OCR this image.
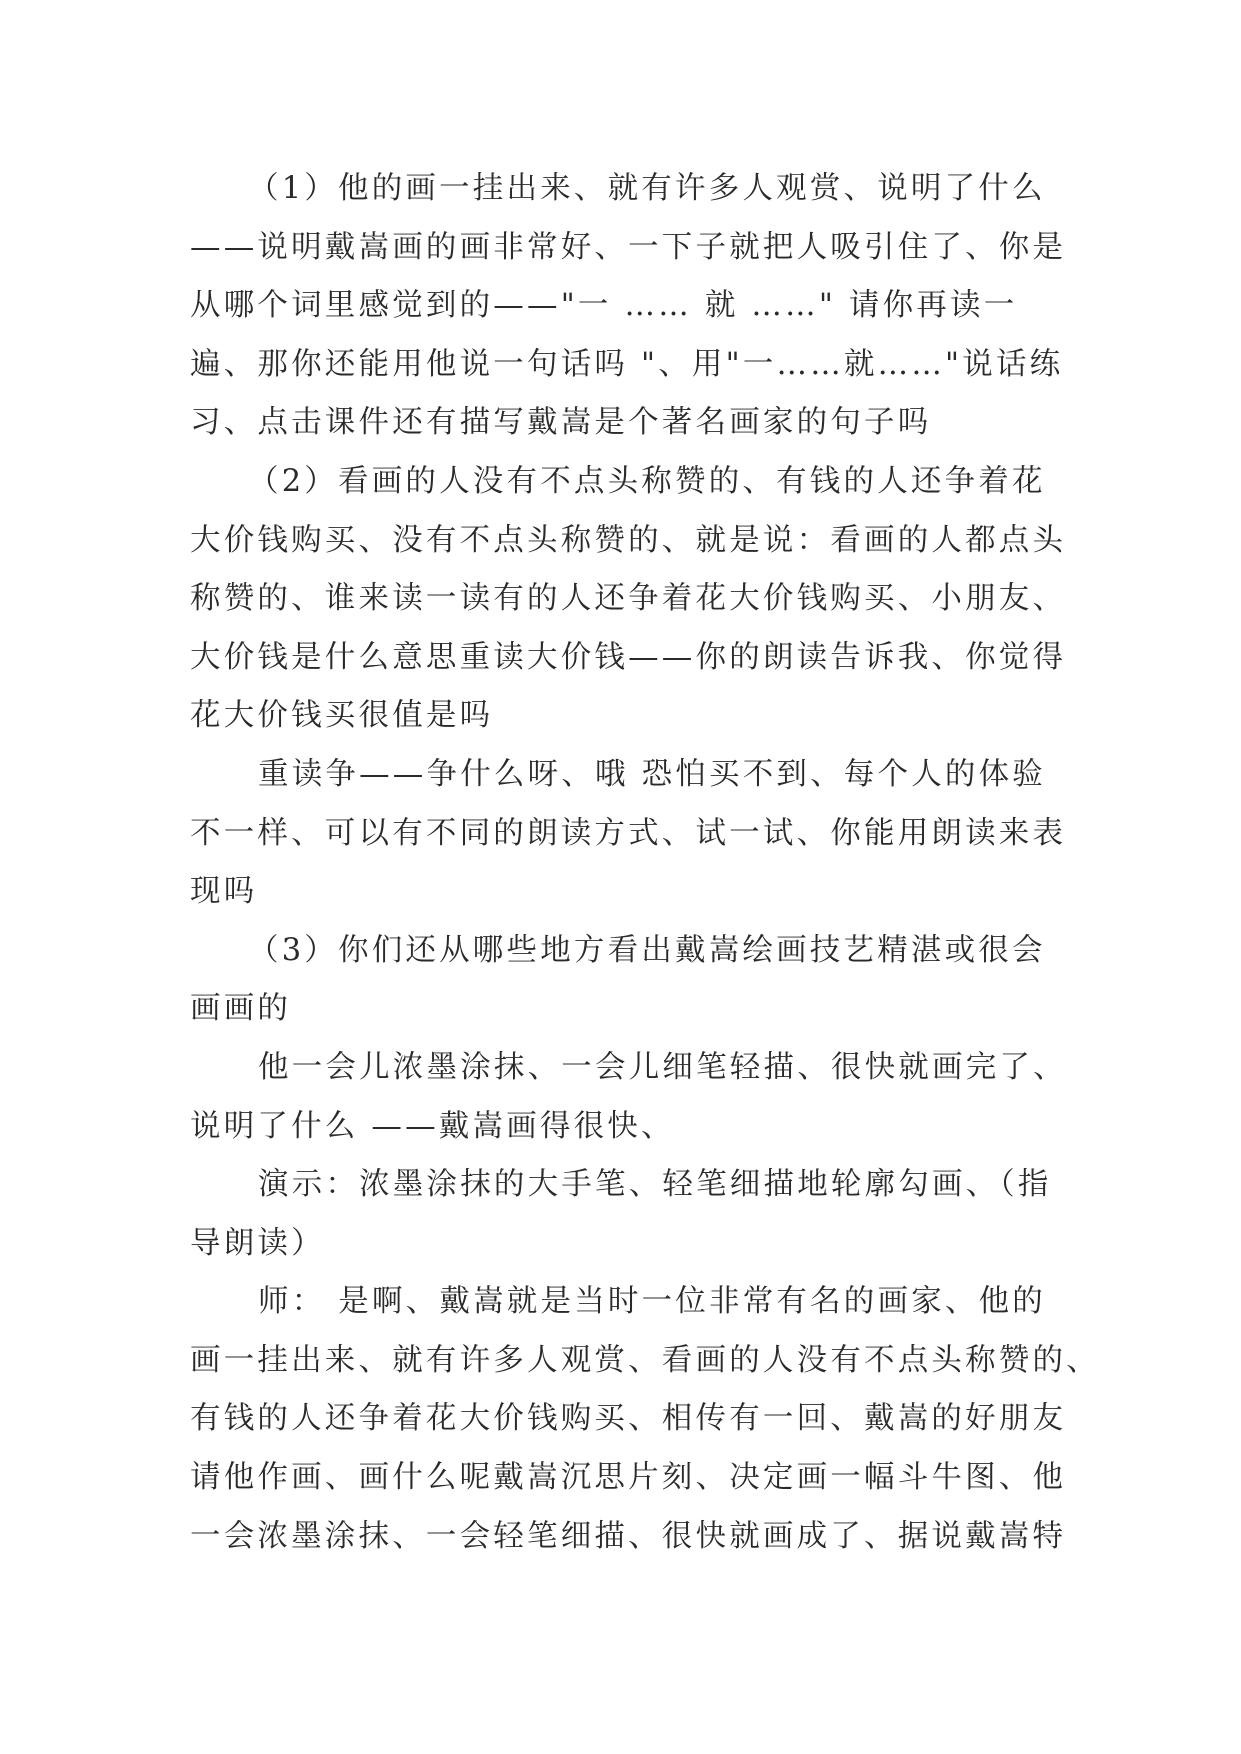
（1）他的画一挂出来、就有许多人观赏、说明了什么
——说明戴嵩画的画非常好、一下子就把人吸引住了、你是
从哪个词里感觉到的——"一 …… 就 ……" 请你再读一
遍、那你还能用他说一句话吗 "、用"一……就……"说话练
习、点击课件还有描写戴嵩是个著名画家的句子吗
（2）看画的人没有不点头称赞的、有钱的人还争着花
大价钱购买、没有不点头称赞的、就是说：看画的人都点头
称赞的、谁来读一读有的人还争着花大价钱购买、小朋友、
大价钱是什么意思重读大价钱——你的朗读告诉我、你觉得
花大价钱买很值是吗
重读争——争什么呀、哦 恐怕买不到、每个人的体验
不一样、可以有不同的朗读方式、试一试、你能用朗读来表
现吗
（3）你们还从哪些地方看出戴嵩绘画技艺精湛或很会
画画的
他一会儿浓墨涂抹、一会儿细笔轻描、很快就画完了、
说明了什么 ——戴嵩画得很快、
演示：浓墨涂抹的大手笔、轻笔细描地轮廓勾画、（指
导朗读）
师： 是啊、戴嵩就是当时一位非常有名的画家、他的
画一挂出来、就有许多人观赏、看画的人没有不点头称赞的、
有钱的人还争着花大价钱购买、相传有一回、戴嵩的好朋友
请他作画、画什么呢戴嵩沉思片刻、决定画一幅斗牛图、他
一会浓墨涂抹、一会轻笔细描、很快就画成了、据说戴嵩特
